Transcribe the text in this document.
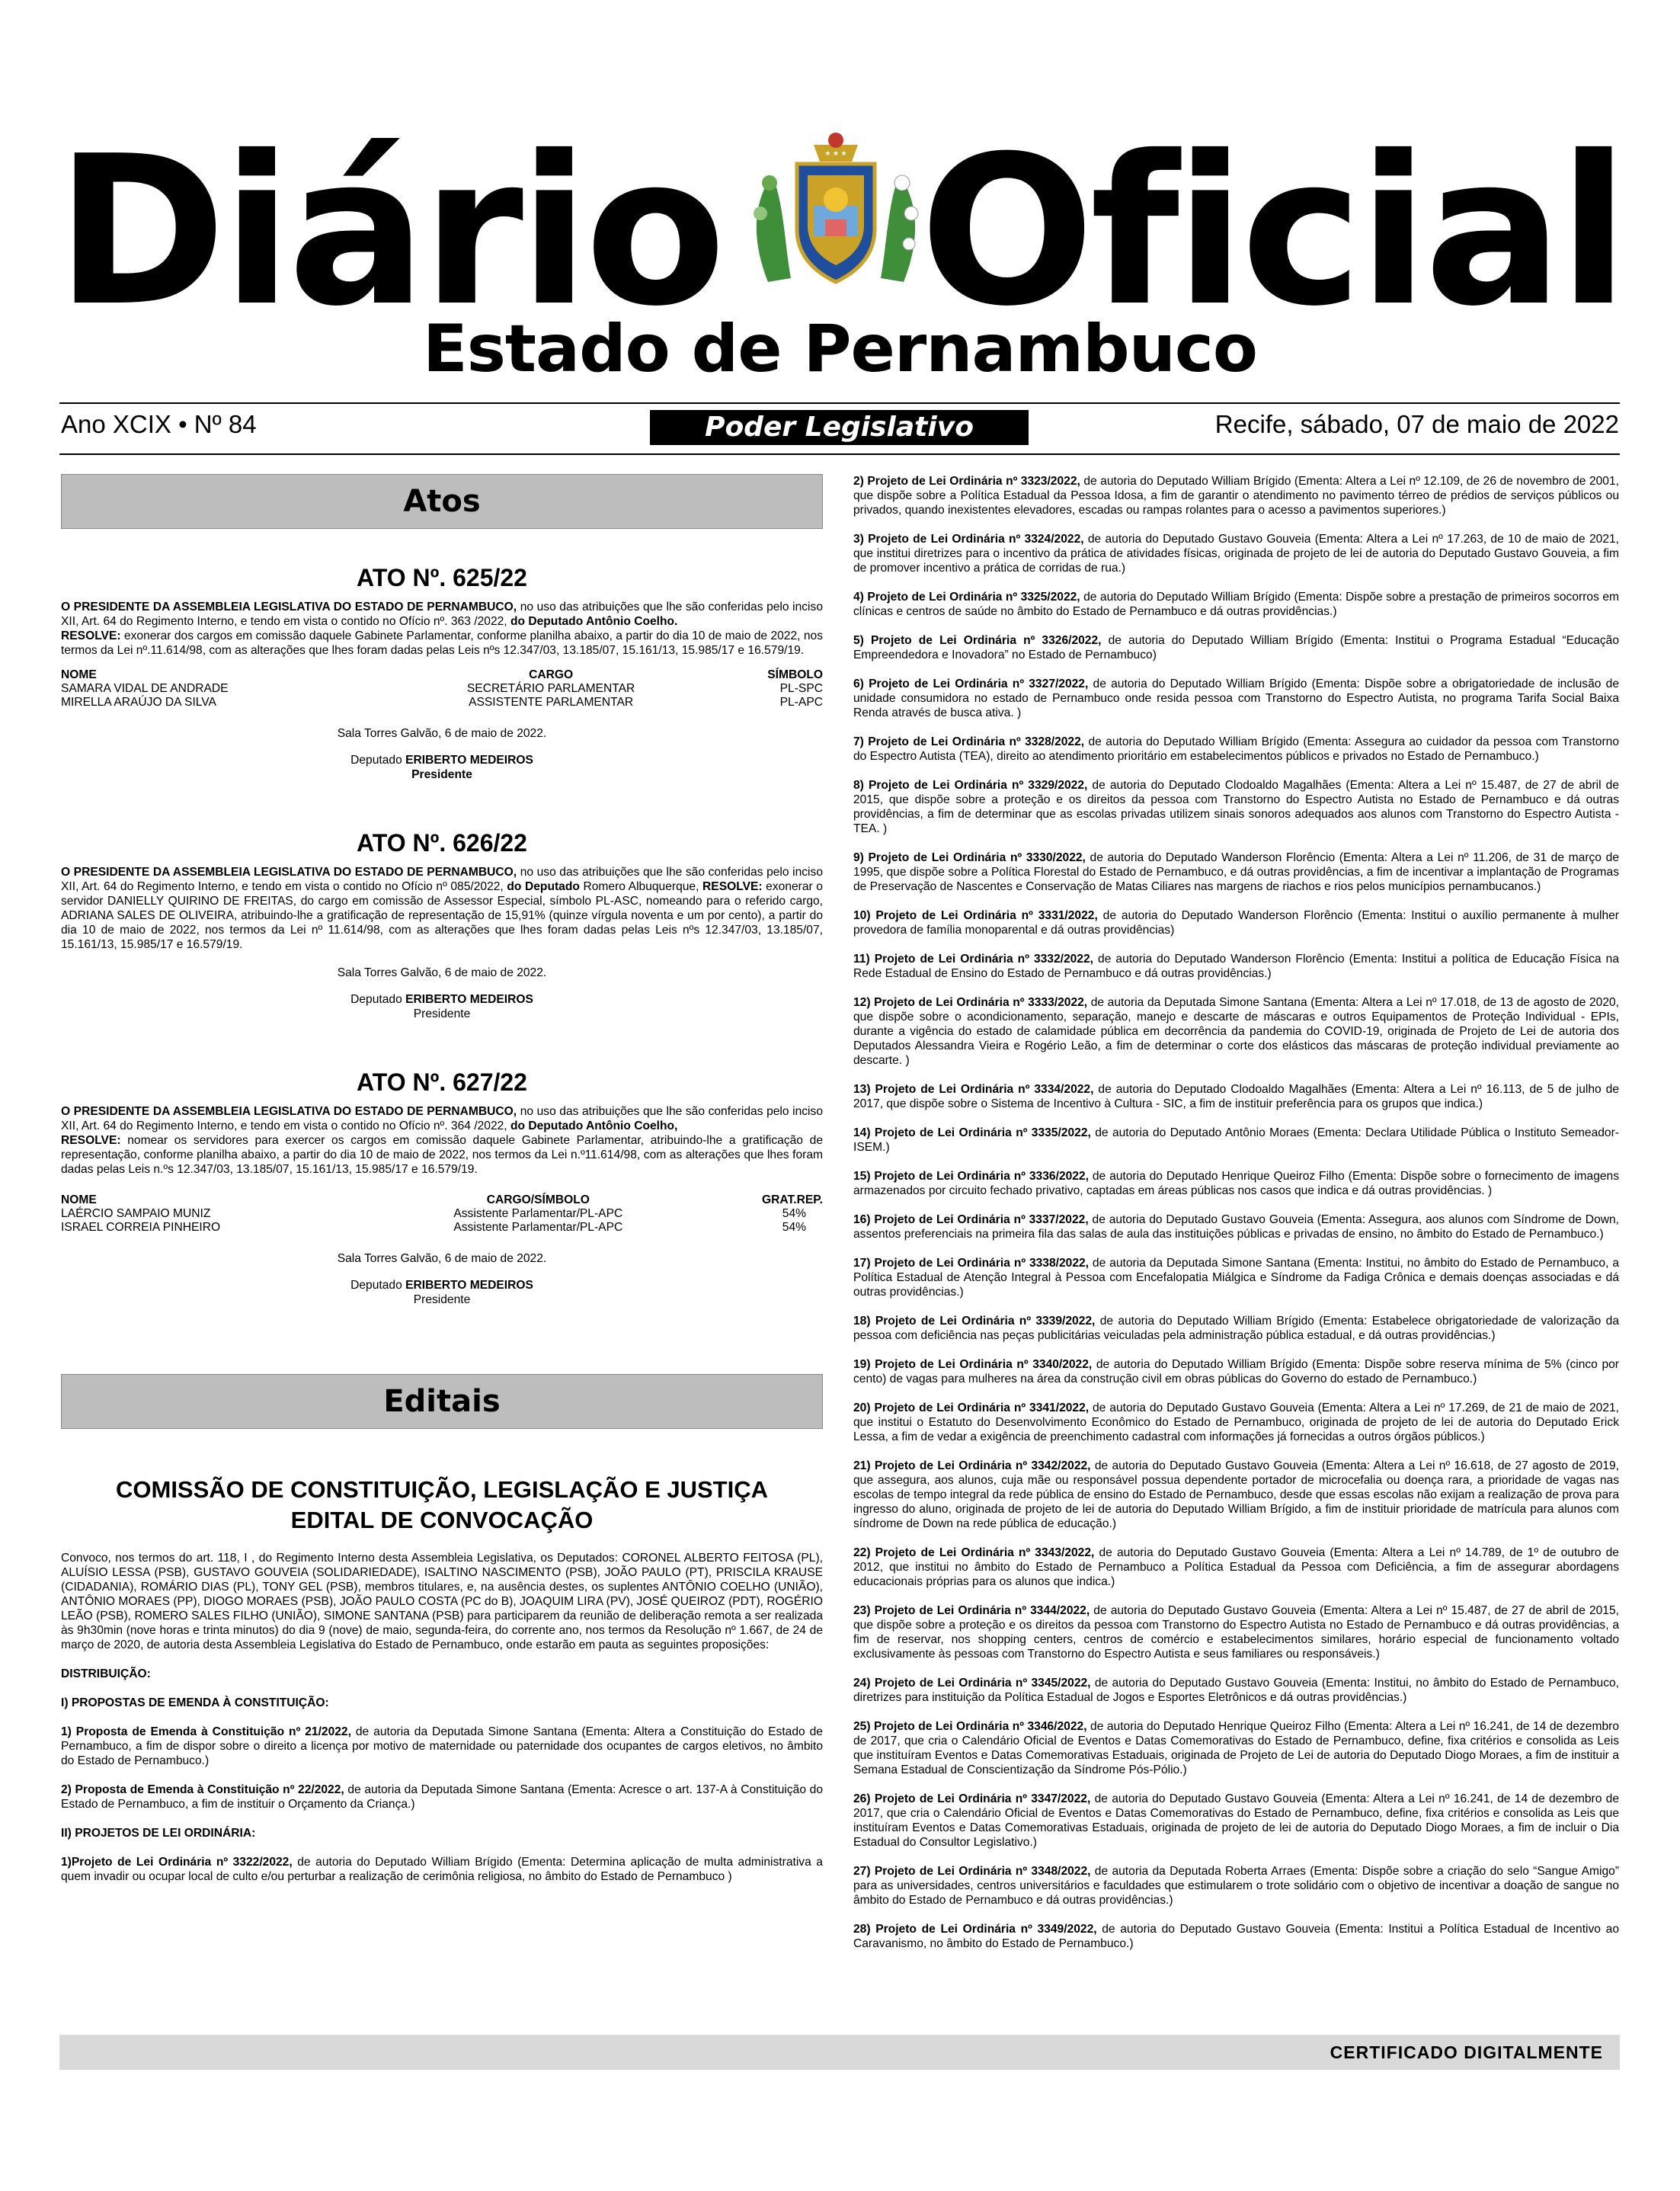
Diário Oficial
★ ★ ★
Estado de Pernambuco
Ano XCIX • Nº 84	Poder Legislativo	Recife, sábado, 07 de maio de 2022
Atos
ATO Nº. 625/22

O PRESIDENTE DA ASSEMBLEIA LEGISLATIVA DO ESTADO DE PERNAMBUCO, no uso das atribuições que lhe são conferidas pelo inciso XII, Art. 64 do Regimento Interno, e tendo em vista o contido no Ofício nº. 363 /2022, do Deputado Antônio Coelho.
RESOLVE: exonerar dos cargos em comissão daquele Gabinete Parlamentar, conforme planilha abaixo, a partir do dia 10 de maio de 2022, nos termos da Lei nº.11.614/98, com as alterações que lhes foram dadas pelas Leis nºs 12.347/03, 13.185/07, 15.161/13, 15.985/17 e 16.579/19.

NOME	CARGO	SÍMBOLO
SAMARA VIDAL DE ANDRADE	SECRETÁRIO PARLAMENTAR	PL-SPC
MIRELLA ARAÚJO DA SILVA	ASSISTENTE PARLAMENTAR	PL-APC

Sala Torres Galvão, 6 de maio de 2022.

Deputado ERIBERTO MEDEIROS
Presidente

ATO Nº. 626/22

O PRESIDENTE DA ASSEMBLEIA LEGISLATIVA DO ESTADO DE PERNAMBUCO, no uso das atribuições que lhe são conferidas pelo inciso XII, Art. 64 do Regimento Interno, e tendo em vista o contido no Ofício nº 085/2022, do Deputado Romero Albuquerque, RESOLVE: exonerar o servidor DANIELLY QUIRINO DE FREITAS, do cargo em comissão de Assessor Especial, símbolo PL-ASC, nomeando para o referido cargo, ADRIANA SALES DE OLIVEIRA, atribuindo-lhe a gratificação de representação de 15,91% (quinze vírgula noventa e um por cento), a partir do dia 10 de maio de 2022, nos termos da Lei nº 11.614/98, com as alterações que lhes foram dadas pelas Leis nºs 12.347/03, 13.185/07, 15.161/13, 15.985/17 e 16.579/19.

Sala Torres Galvão, 6 de maio de 2022.

Deputado ERIBERTO MEDEIROS
Presidente

ATO Nº. 627/22

O PRESIDENTE DA ASSEMBLEIA LEGISLATIVA DO ESTADO DE PERNAMBUCO, no uso das atribuições que lhe são conferidas pelo inciso XII, Art. 64 do Regimento Interno, e tendo em vista o contido no Ofício nº. 364 /2022, do Deputado Antônio Coelho,
RESOLVE: nomear os servidores para exercer os cargos em comissão daquele Gabinete Parlamentar, atribuindo-lhe a gratificação de representação, conforme planilha abaixo, a partir do dia 10 de maio de 2022, nos termos da Lei n.º11.614/98, com as alterações que lhes foram dadas pelas Leis n.ºs 12.347/03, 13.185/07, 15.161/13, 15.985/17 e 16.579/19.

NOME	CARGO/SÍMBOLO	GRAT.REP.
LAÉRCIO SAMPAIO MUNIZ	Assistente Parlamentar/PL-APC	54%
ISRAEL CORREIA PINHEIRO	Assistente Parlamentar/PL-APC	54%

Sala Torres Galvão, 6 de maio de 2022.

Deputado ERIBERTO MEDEIROS
Presidente

Editais
COMISSÃO DE CONSTITUIÇÃO, LEGISLAÇÃO E JUSTIÇA
EDITAL DE CONVOCAÇÃO

Convoco, nos termos do art. 118, I , do Regimento Interno desta Assembleia Legislativa, os Deputados: CORONEL ALBERTO FEITOSA (PL), ALUÍSIO LESSA (PSB), GUSTAVO GOUVEIA (SOLIDARIEDADE), ISALTINO NASCIMENTO (PSB), JOÃO PAULO (PT), PRISCILA KRAUSE (CIDADANIA), ROMÁRIO DIAS (PL), TONY GEL (PSB), membros titulares, e, na ausência destes, os suplentes ANTÔNIO COELHO (UNIÃO), ANTÔNIO MORAES (PP), DIOGO MORAES (PSB), JOÃO PAULO COSTA (PC do B), JOAQUIM LIRA (PV), JOSÉ QUEIROZ (PDT), ROGÉRIO LEÃO (PSB), ROMERO SALES FILHO (UNIÃO), SIMONE SANTANA (PSB) para participarem da reunião de deliberação remota a ser realizada às 9h30min (nove horas e trinta minutos) do dia 9 (nove) de maio, segunda-feira, do corrente ano, nos termos da Resolução nº 1.667, de 24 de março de 2020, de autoria desta Assembleia Legislativa do Estado de Pernambuco, onde estarão em pauta as seguintes proposições:

DISTRIBUIÇÃO:

I) PROPOSTAS DE EMENDA À CONSTITUIÇÃO:

1) Proposta de Emenda à Constituição nº 21/2022, de autoria da Deputada Simone Santana (Ementa: Altera a Constituição do Estado de Pernambuco, a fim de dispor sobre o direito a licença por motivo de maternidade ou paternidade dos ocupantes de cargos eletivos, no âmbito do Estado de Pernambuco.)

2) Proposta de Emenda à Constituição nº 22/2022, de autoria da Deputada Simone Santana (Ementa: Acresce o art. 137-A à Constituição do Estado de Pernambuco, a fim de instituir o Orçamento da Criança.)

II) PROJETOS DE LEI ORDINÁRIA:

1)Projeto de Lei Ordinária nº 3322/2022, de autoria do Deputado William Brígido (Ementa: Determina aplicação de multa administrativa a quem invadir ou ocupar local de culto e/ou perturbar a realização de cerimônia religiosa, no âmbito do Estado de Pernambuco )

2) Projeto de Lei Ordinária nº 3323/2022, de autoria do Deputado William Brígido (Ementa: Altera a Lei nº 12.109, de 26 de novembro de 2001, que dispõe sobre a Política Estadual da Pessoa Idosa, a fim de garantir o atendimento no pavimento térreo de prédios de serviços públicos ou privados, quando inexistentes elevadores, escadas ou rampas rolantes para o acesso a pavimentos superiores.)

3) Projeto de Lei Ordinária nº 3324/2022, de autoria do Deputado Gustavo Gouveia (Ementa: Altera a Lei nº 17.263, de 10 de maio de 2021, que institui diretrizes para o incentivo da prática de atividades físicas, originada de projeto de lei de autoria do Deputado Gustavo Gouveia, a fim de promover incentivo a prática de corridas de rua.)

4) Projeto de Lei Ordinária nº 3325/2022, de autoria do Deputado William Brígido (Ementa: Dispõe sobre a prestação de primeiros socorros em clínicas e centros de saúde no âmbito do Estado de Pernambuco e dá outras providências.)

5) Projeto de Lei Ordinária nº 3326/2022, de autoria do Deputado William Brígido (Ementa: Institui o Programa Estadual “Educação Empreendedora e Inovadora” no Estado de Pernambuco)

6) Projeto de Lei Ordinária nº 3327/2022, de autoria do Deputado William Brígido (Ementa: Dispõe sobre a obrigatoriedade de inclusão de unidade consumidora no estado de Pernambuco onde resida pessoa com Transtorno do Espectro Autista, no programa Tarifa Social Baixa Renda através de busca ativa. )

7) Projeto de Lei Ordinária nº 3328/2022, de autoria do Deputado William Brígido (Ementa: Assegura ao cuidador da pessoa com Transtorno do Espectro Autista (TEA), direito ao atendimento prioritário em estabelecimentos públicos e privados no Estado de Pernambuco.)

8) Projeto de Lei Ordinária nº 3329/2022, de autoria do Deputado Clodoaldo Magalhães (Ementa: Altera a Lei nº 15.487, de 27 de abril de 2015, que dispõe sobre a proteção e os direitos da pessoa com Transtorno do Espectro Autista no Estado de Pernambuco e dá outras providências, a fim de determinar que as escolas privadas utilizem sinais sonoros adequados aos alunos com Transtorno do Espectro Autista - TEA. )

9) Projeto de Lei Ordinária nº 3330/2022, de autoria do Deputado Wanderson Florêncio (Ementa: Altera a Lei nº 11.206, de 31 de março de 1995, que dispõe sobre a Política Florestal do Estado de Pernambuco, e dá outras providências, a fim de incentivar a implantação de Programas de Preservação de Nascentes e Conservação de Matas Ciliares nas margens de riachos e rios pelos municípios pernambucanos.)

10) Projeto de Lei Ordinária nº 3331/2022, de autoria do Deputado Wanderson Florêncio (Ementa: Institui o auxílio permanente à mulher provedora de família monoparental e dá outras providências)

11) Projeto de Lei Ordinária nº 3332/2022, de autoria do Deputado Wanderson Florêncio (Ementa: Institui a política de Educação Física na Rede Estadual de Ensino do Estado de Pernambuco e dá outras providências.)

12) Projeto de Lei Ordinária nº 3333/2022, de autoria da Deputada Simone Santana (Ementa: Altera a Lei nº 17.018, de 13 de agosto de 2020, que dispõe sobre o acondicionamento, separação, manejo e descarte de máscaras e outros Equipamentos de Proteção Individual - EPIs, durante a vigência do estado de calamidade pública em decorrência da pandemia do COVID-19, originada de Projeto de Lei de autoria dos Deputados Alessandra Vieira e Rogério Leão, a fim de determinar o corte dos elásticos das máscaras de proteção individual previamente ao descarte. )

13) Projeto de Lei Ordinária nº 3334/2022, de autoria do Deputado Clodoaldo Magalhães (Ementa: Altera a Lei nº 16.113, de 5 de julho de 2017, que dispõe sobre o Sistema de Incentivo à Cultura - SIC, a fim de instituir preferência para os grupos que indica.)

14) Projeto de Lei Ordinária nº 3335/2022, de autoria do Deputado Antônio Moraes (Ementa: Declara Utilidade Pública o Instituto Semeador-ISEM.)

15) Projeto de Lei Ordinária nº 3336/2022, de autoria do Deputado Henrique Queiroz Filho (Ementa: Dispõe sobre o fornecimento de imagens armazenados por circuito fechado privativo, captadas em áreas públicas nos casos que indica e dá outras providências. )

16) Projeto de Lei Ordinária nº 3337/2022, de autoria do Deputado Gustavo Gouveia (Ementa: Assegura, aos alunos com Síndrome de Down, assentos preferenciais na primeira fila das salas de aula das instituições públicas e privadas de ensino, no âmbito do Estado de Pernambuco.)

17) Projeto de Lei Ordinária nº 3338/2022, de autoria da Deputada Simone Santana (Ementa: Institui, no âmbito do Estado de Pernambuco, a Política Estadual de Atenção Integral à Pessoa com Encefalopatia Miálgica e Síndrome da Fadiga Crônica e demais doenças associadas e dá outras providências.)

18) Projeto de Lei Ordinária nº 3339/2022, de autoria do Deputado William Brígido (Ementa: Estabelece obrigatoriedade de valorização da pessoa com deficiência nas peças publicitárias veiculadas pela administração pública estadual, e dá outras providências.)

19) Projeto de Lei Ordinária nº 3340/2022, de autoria do Deputado William Brígido (Ementa: Dispõe sobre reserva mínima de 5% (cinco por cento) de vagas para mulheres na área da construção civil em obras públicas do Governo do estado de Pernambuco.)

20) Projeto de Lei Ordinária nº 3341/2022, de autoria do Deputado Gustavo Gouveia (Ementa: Altera a Lei nº 17.269, de 21 de maio de 2021, que institui o Estatuto do Desenvolvimento Econômico do Estado de Pernambuco, originada de projeto de lei de autoria do Deputado Erick Lessa, a fim de vedar a exigência de preenchimento cadastral com informações já fornecidas a outros órgãos públicos.)

21) Projeto de Lei Ordinária nº 3342/2022, de autoria do Deputado Gustavo Gouveia (Ementa: Altera a Lei nº 16.618, de 27 agosto de 2019, que assegura, aos alunos, cuja mãe ou responsável possua dependente portador de microcefalia ou doença rara, a prioridade de vagas nas escolas de tempo integral da rede pública de ensino do Estado de Pernambuco, desde que essas escolas não exijam a realização de prova para ingresso do aluno, originada de projeto de lei de autoria do Deputado William Brígido, a fim de instituir prioridade de matrícula para alunos com síndrome de Down na rede pública de educação.)

22) Projeto de Lei Ordinária nº 3343/2022, de autoria do Deputado Gustavo Gouveia (Ementa: Altera a Lei nº 14.789, de 1º de outubro de 2012, que institui no âmbito do Estado de Pernambuco a Política Estadual da Pessoa com Deficiência, a fim de assegurar abordagens educacionais próprias para os alunos que indica.)

23) Projeto de Lei Ordinária nº 3344/2022, de autoria do Deputado Gustavo Gouveia (Ementa: Altera a Lei nº 15.487, de 27 de abril de 2015, que dispõe sobre a proteção e os direitos da pessoa com Transtorno do Espectro Autista no Estado de Pernambuco e dá outras providências, a fim de reservar, nos shopping centers, centros de comércio e estabelecimentos similares, horário especial de funcionamento voltado exclusivamente às pessoas com Transtorno do Espectro Autista e seus familiares ou responsáveis.)

24) Projeto de Lei Ordinária nº 3345/2022, de autoria do Deputado Gustavo Gouveia (Ementa: Institui, no âmbito do Estado de Pernambuco, diretrizes para instituição da Política Estadual de Jogos e Esportes Eletrônicos e dá outras providências.)

25) Projeto de Lei Ordinária nº 3346/2022, de autoria do Deputado Henrique Queiroz Filho (Ementa: Altera a Lei nº 16.241, de 14 de dezembro de 2017, que cria o Calendário Oficial de Eventos e Datas Comemorativas do Estado de Pernambuco, define, fixa critérios e consolida as Leis que instituíram Eventos e Datas Comemorativas Estaduais, originada de Projeto de Lei de autoria do Deputado Diogo Moraes, a fim de instituir a Semana Estadual de Conscientização da Síndrome Pós-Pólio.)

26) Projeto de Lei Ordinária nº 3347/2022, de autoria do Deputado Gustavo Gouveia (Ementa: Altera a Lei nº 16.241, de 14 de dezembro de 2017, que cria o Calendário Oficial de Eventos e Datas Comemorativas do Estado de Pernambuco, define, fixa critérios e consolida as Leis que instituíram Eventos e Datas Comemorativas Estaduais, originada de projeto de lei de autoria do Deputado Diogo Moraes, a fim de incluir o Dia Estadual do Consultor Legislativo.)

27) Projeto de Lei Ordinária nº 3348/2022, de autoria da Deputada Roberta Arraes (Ementa: Dispõe sobre a criação do selo “Sangue Amigo” para as universidades, centros universitários e faculdades que estimularem o trote solidário com o objetivo de incentivar a doação de sangue no âmbito do Estado de Pernambuco e dá outras providências.)

28) Projeto de Lei Ordinária nº 3349/2022, de autoria do Deputado Gustavo Gouveia (Ementa: Institui a Política Estadual de Incentivo ao Caravanismo, no âmbito do Estado de Pernambuco.)

CERTIFICADO DIGITALMENTE
